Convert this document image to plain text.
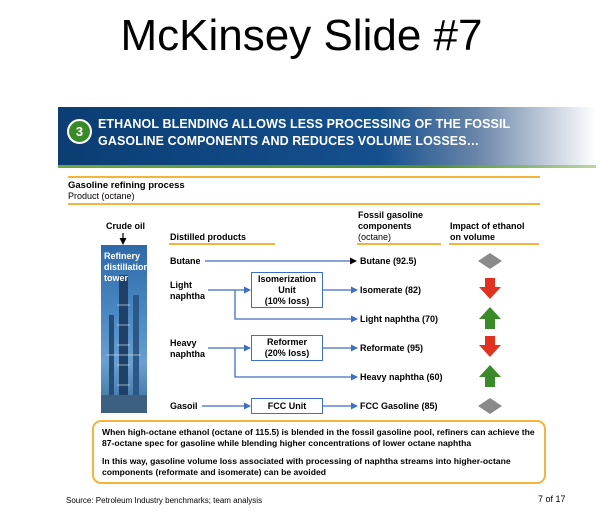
McKinsey Slide #7
3	ETHANOL BLENDING ALLOWS LESS PROCESSING OF THE FOSSIL
GASOLINE COMPONENTS AND REDUCES VOLUME LOSSES…
Gasoline refining process
Product (octane)
Crude oil
Distilled products
Fossil gasoline
components
(octane)
Impact of ethanol
on volume
Refinery
distillation
tower
Butane
Light
naphtha
Heavy
naphtha
Gasoil
Isomerization
Unit
(10% loss)
Reformer
(20% loss)
FCC Unit
Butane (92.5)
Isomerate (82)
Light naphtha (70)
Reformate (95)
Heavy naphtha (60)
FCC Gasoline (85)

When high-octane ethanol (octane of 115.5) is blended in the fossil gasoline pool, refiners can achieve the 87-octane spec for gasoline while blending higher concentrations of lower octane naphtha

In this way, gasoline volume loss associated with processing of naphtha streams into higher-octane components (reformate and isomerate) can be avoided

Source: Petroleum Industry benchmarks; team analysis	7 of 17
